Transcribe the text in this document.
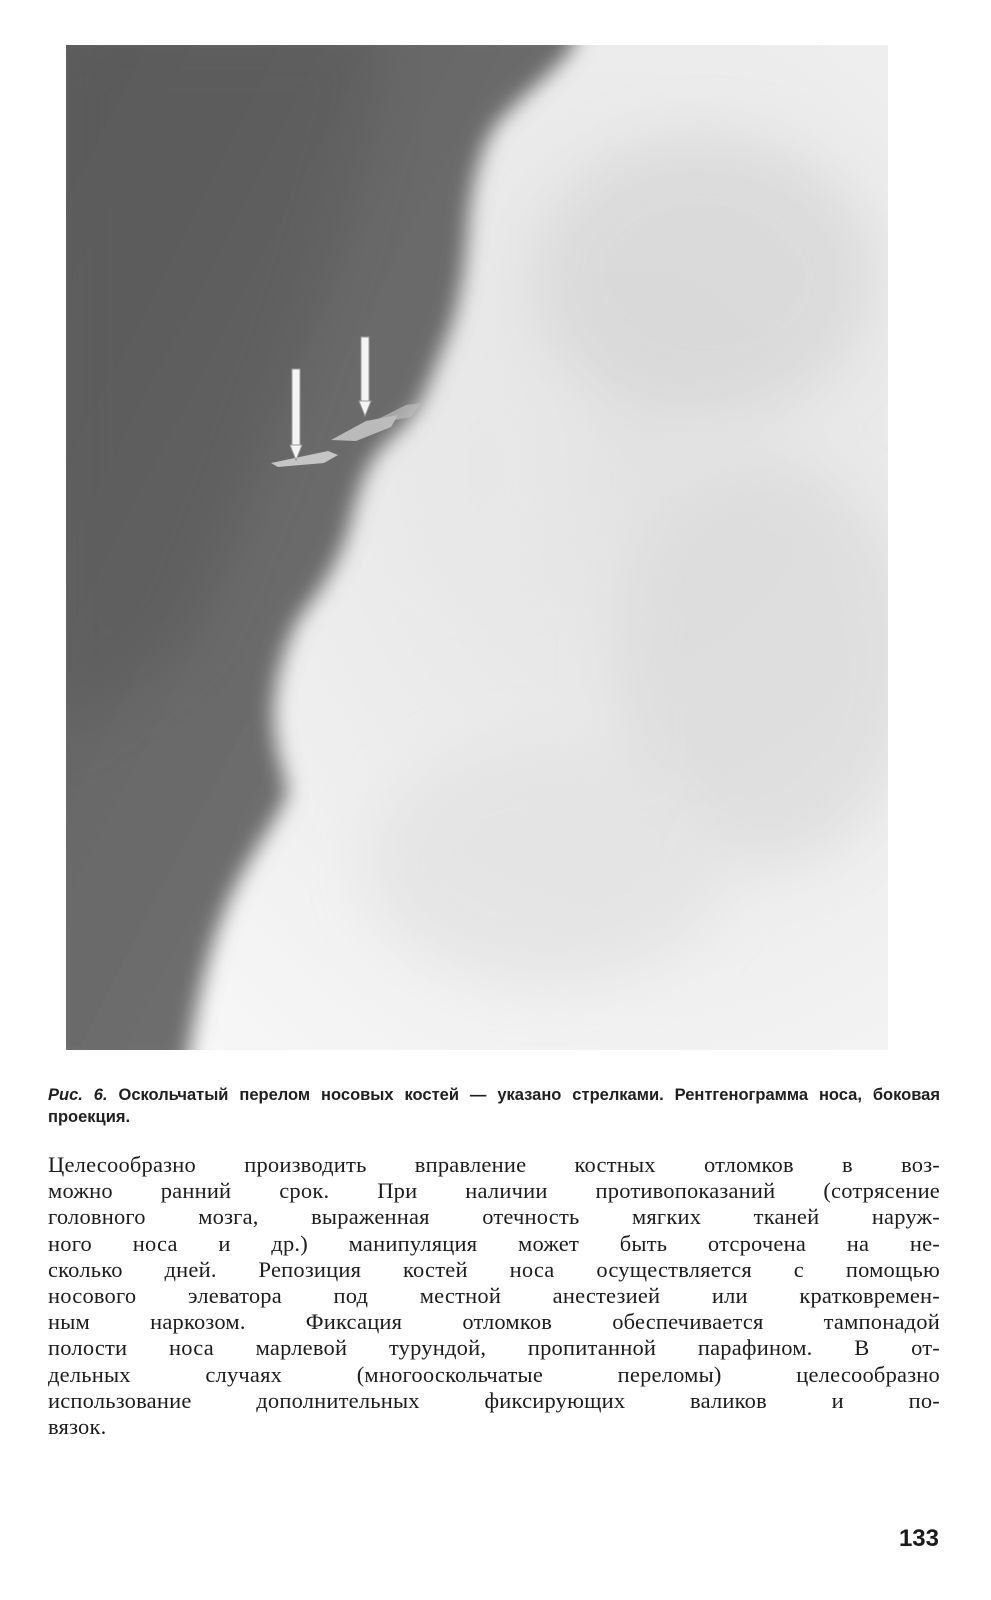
Рис. 6. Оскольчатый перелом носовых костей — указано стрелками. Рентгенограмма носа, боковая проекция.

Целесообразно производить вправление костных отломков в воз-
можно ранний срок. При наличии противопоказаний (сотрясение
головного мозга, выраженная отечность мягких тканей наруж-
ного носа и др.) манипуляция может быть отсрочена на не-
сколько дней. Репозиция костей носа осуществляется с помощью
носового элеватора под местной анестезией или кратковремен-
ным наркозом. Фиксация отломков обеспечивается тампонадой
полости носа марлевой турундой, пропитанной парафином. В от-
дельных случаях (многооскольчатые переломы) целесообразно
использование дополнительных фиксирующих валиков и по-
вязок.
133
